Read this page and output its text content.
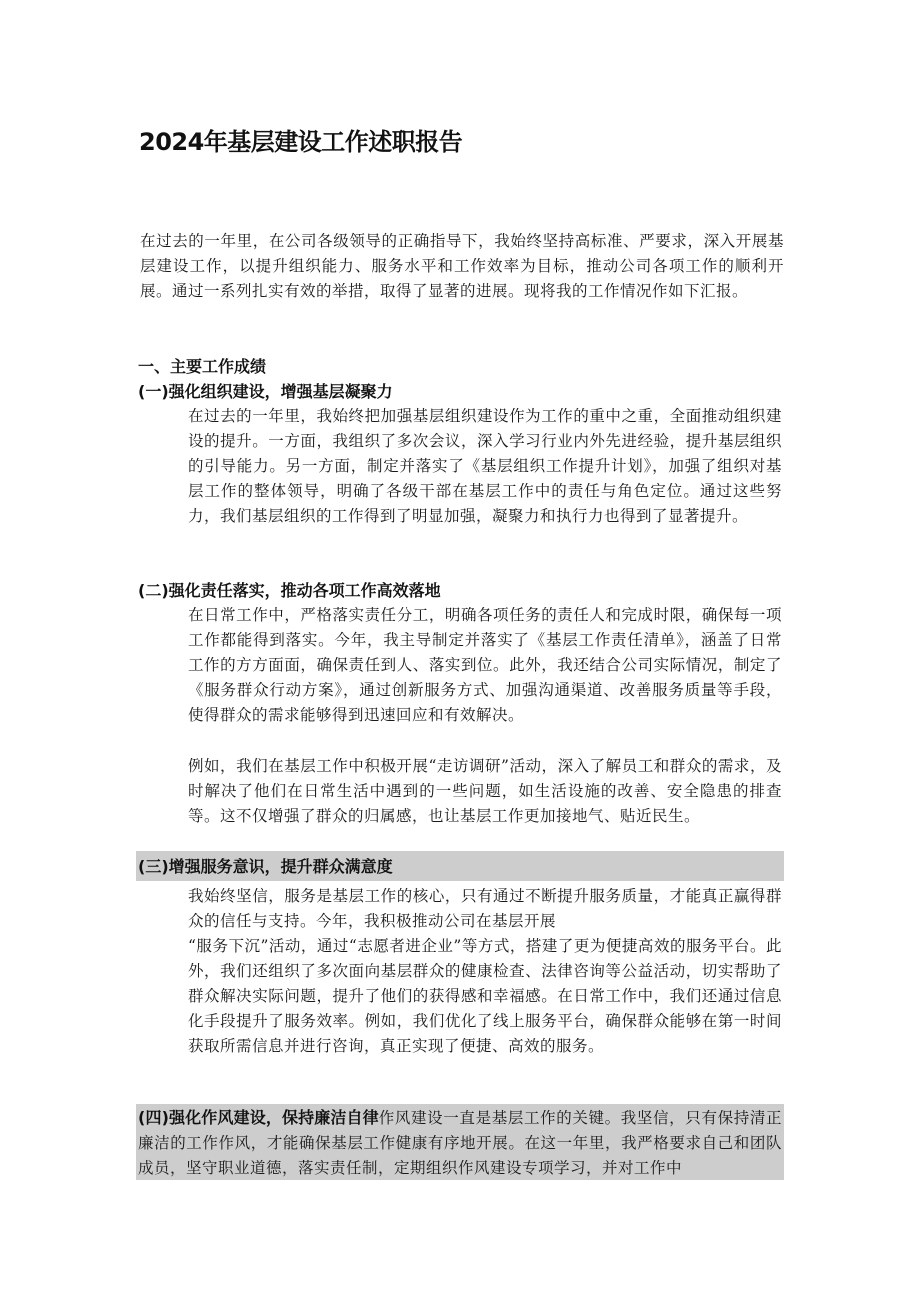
2024年基层建设工作述职报告

在过去的一年里，在公司各级领导的正确指导下，我始终坚持高标准、严要求，深入开展基层建设工作，以提升组织能力、服务水平和工作效率为目标，推动公司各项工作的顺利开展。通过一系列扎实有效的举措，取得了显著的进展。现将我的工作情况作如下汇报。

一、主要工作成绩
(一)强化组织建设，增强基层凝聚力

在过去的一年里，我始终把加强基层组织建设作为工作的重中之重，全面推动组织建设的提升。一方面，我组织了多次会议，深入学习行业内外先进经验，提升基层组织的引导能力。另一方面，制定并落实了《基层组织工作提升计划》，加强了组织对基层工作的整体领导，明确了各级干部在基层工作中的责任与角色定位。通过这些努力，我们基层组织的工作得到了明显加强，凝聚力和执行力也得到了显著提升。

(二)强化责任落实，推动各项工作高效落地

在日常工作中，严格落实责任分工，明确各项任务的责任人和完成时限，确保每一项工作都能得到落实。今年，我主导制定并落实了《基层工作责任清单》，涵盖了日常工作的方方面面，确保责任到人、落实到位。此外，我还结合公司实际情况，制定了《服务群众行动方案》，通过创新服务方式、加强沟通渠道、改善服务质量等手段，使得群众的需求能够得到迅速回应和有效解决。

例如，我们在基层工作中积极开展“走访调研”活动，深入了解员工和群众的需求，及时解决了他们在日常生活中遇到的一些问题，如生活设施的改善、安全隐患的排查等。这不仅增强了群众的归属感，也让基层工作更加接地气、贴近民生。

(三)增强服务意识，提升群众满意度

我始终坚信，服务是基层工作的核心，只有通过不断提升服务质量，才能真正赢得群众的信任与支持。今年，我积极推动公司在基层开展
“服务下沉”活动，通过“志愿者进企业”等方式，搭建了更为便捷高效的服务平台。此外，我们还组织了多次面向基层群众的健康检查、法律咨询等公益活动，切实帮助了群众解决实际问题，提升了他们的获得感和幸福感。在日常工作中，我们还通过信息化手段提升了服务效率。例如，我们优化了线上服务平台，确保群众能够在第一时间获取所需信息并进行咨询，真正实现了便捷、高效的服务。

(四)强化作风建设，保持廉洁自律作风建设一直是基层工作的关键。我坚信，只有保持清正廉洁的工作作风，才能确保基层工作健康有序地开展。在这一年里，我严格要求自己和团队成员，坚守职业道德，落实责任制，定期组织作风建设专项学习，并对工作中
